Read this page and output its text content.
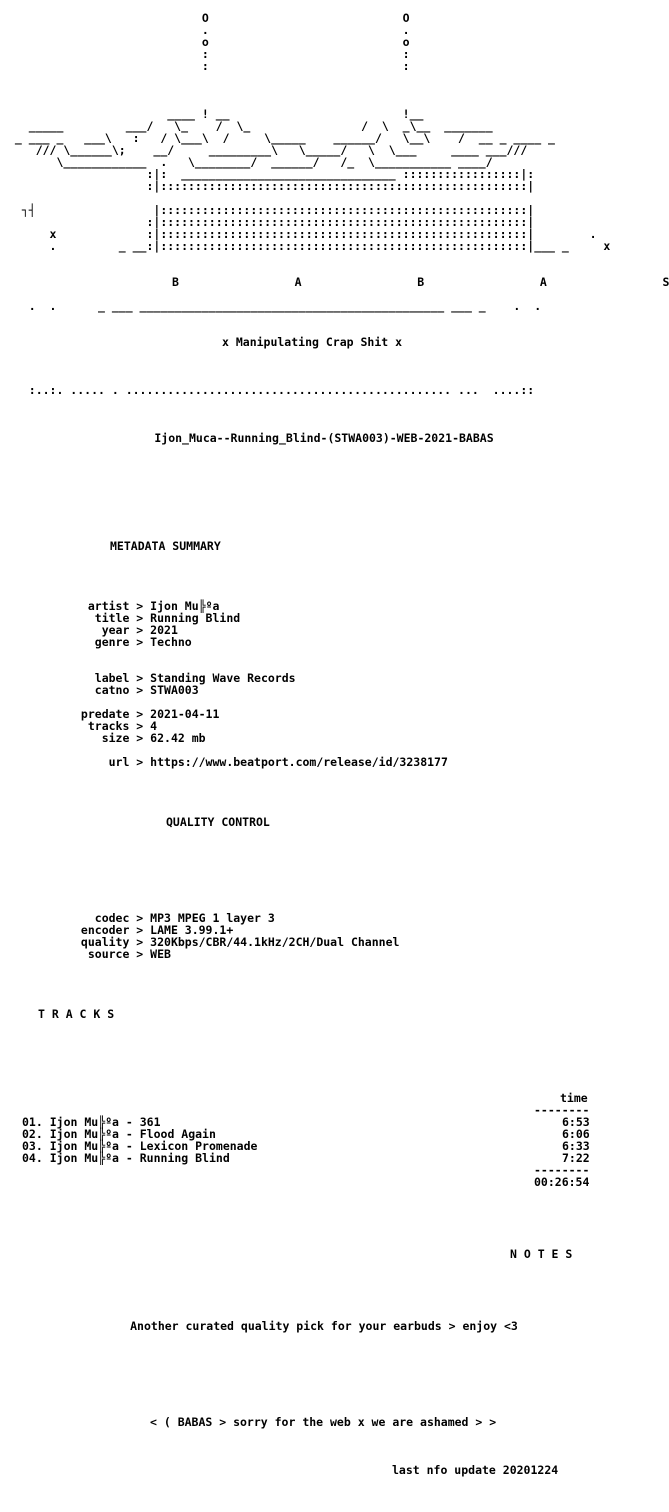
O                            O

.                            .

o                            o

:                            :

:                            :

____ ! __                         !__

_____         ___/   \_    /  \_                /  \  _\__  _______

_ ___ _   ___\   :   / \___\  /     \_____    ______/   \__\    /  __ _ ____ _

/// \______\;    __/     _________\   \_____/   \  \___     ____ ___///

\____________  .   \________/  ______/   /_  \___________ ____/

:|:  _______________________________ :::::::::::::::::|:

:|:::::::::::::::::::::::::::::::::::::::::::::::::::::|

┐┤                 |:::::::::::::::::::::::::::::::::::::::::::::::::::::|

:|:::::::::::::::::::::::::::::::::::::::::::::::::::::|

x             :|:::::::::::::::::::::::::::::::::::::::::::::::::::::|        .

.         _ __:|:::::::::::::::::::::::::::::::::::::::::::::::::::::|___ _     x

B    A    B    A    S

.  .      _ ___ ____________________________________________ ___ _    .  .

x Manipulating Crap Shit x

:..:. ..... . ............................................... ...  ....::

Ijon_Muca--Running_Blind-(STWA003)-WEB-2021-BABAS

METADATA SUMMARY

artist > Ijon Mu╠ºa

title > Running Blind

year > 2021

genre > Techno

label > Standing Wave Records

catno > STWA003

predate > 2021-04-11

tracks > 4

size > 62.42 mb

url > https://www.beatport.com/release/id/3238177

QUALITY CONTROL

codec > MP3 MPEG 1 layer 3

encoder > LAME 3.99.1+

quality > 320Kbps/CBR/44.1kHz/2CH/Dual Channel

source > WEB

T R A C K S

time

--------

01. Ijon Mu╠ºa - 361	6:53

02. Ijon Mu╠ºa - Flood Again	6:06

03. Ijon Mu╠ºa - Lexicon Promenade	6:33

04. Ijon Mu╠ºa - Running Blind	7:22

--------

00:26:54

N O T E S

Another curated quality pick for your earbuds > enjoy <3

< ( BABAS > sorry for the web x we are ashamed > >

last nfo update 20201224
